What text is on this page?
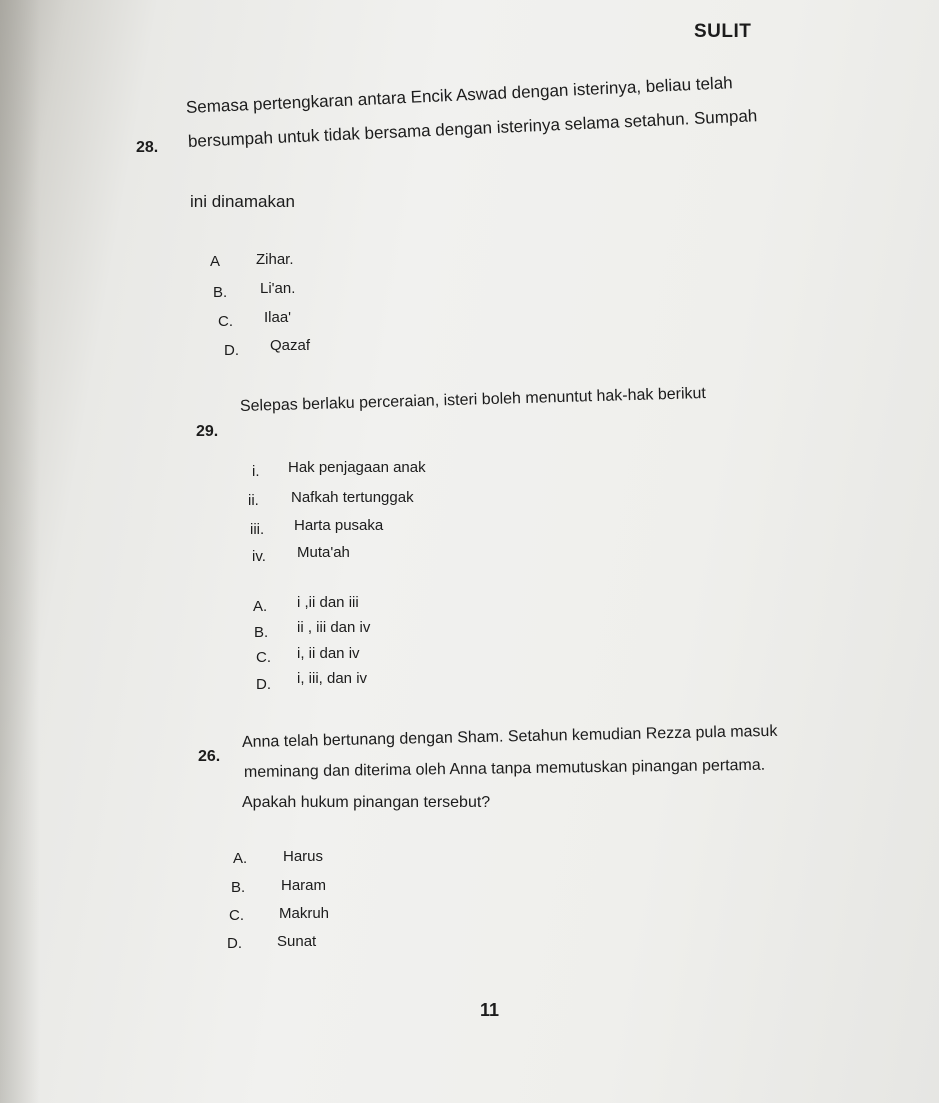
SULIT
28.
Semasa pertengkaran antara Encik Aswad dengan isterinya, beliau telah
bersumpah untuk tidak bersama dengan isterinya selama setahun. Sumpah
ini dinamakan
A Zihar.
B. Li'an.
C. Ilaa'
D. Qazaf
29.
Selepas berlaku perceraian, isteri boleh menuntut hak-hak berikut
i. Hak penjagaan anak
ii. Nafkah tertunggak
iii. Harta pusaka
iv. Muta'ah
A. i ,ii dan iii
B. ii , iii dan iv
C. i, ii dan iv
D. i, iii, dan iv
26.
Anna telah bertunang dengan Sham. Setahun kemudian Rezza pula masuk
meminang dan diterima oleh Anna tanpa memutuskan pinangan pertama.
Apakah hukum pinangan tersebut?
A. Harus
B. Haram
C. Makruh
D. Sunat
11
